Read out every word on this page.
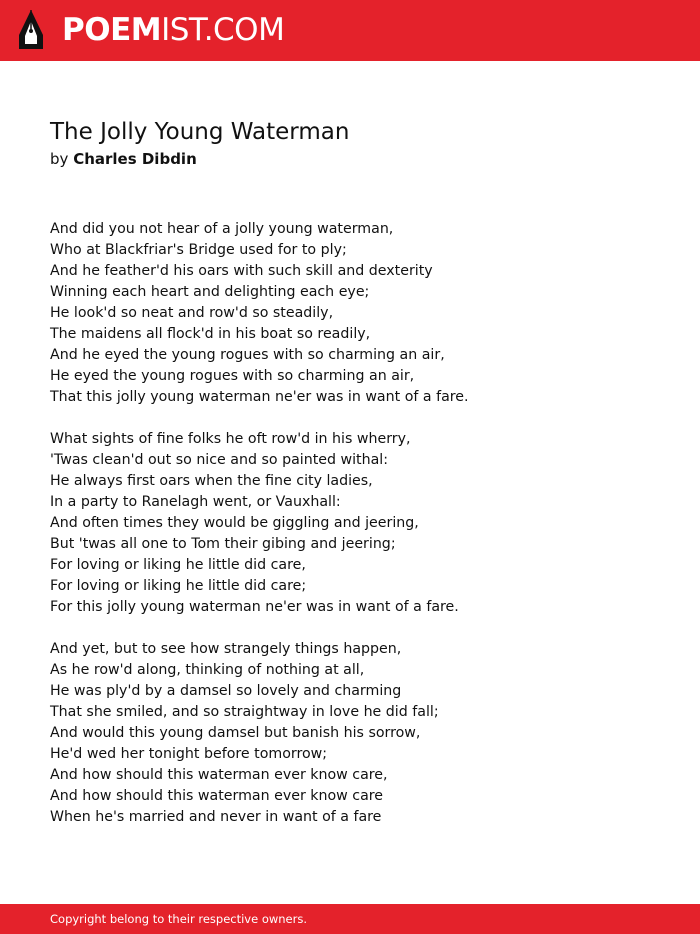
POEMIST.COM
The Jolly Young Waterman
by Charles Dibdin
And did you not hear of a jolly young waterman,
Who at Blackfriar's Bridge used for to ply;
And he feather'd his oars with such skill and dexterity
Winning each heart and delighting each eye;
He look'd so neat and row'd so steadily,
The maidens all flock'd in his boat so readily,
And he eyed the young rogues with so charming an air,
He eyed the young rogues with so charming an air,
That this jolly young waterman ne'er was in want of a fare.
What sights of fine folks he oft row'd in his wherry,
'Twas clean'd out so nice and so painted withal:
He always first oars when the fine city ladies,
In a party to Ranelagh went, or Vauxhall:
And often times they would be giggling and jeering,
But 'twas all one to Tom their gibing and jeering;
For loving or liking he little did care,
For loving or liking he little did care;
For this jolly young waterman ne'er was in want of a fare.
And yet, but to see how strangely things happen,
As he row'd along, thinking of nothing at all,
He was ply'd by a damsel so lovely and charming
That she smiled, and so straightway in love he did fall;
And would this young damsel but banish his sorrow,
He'd wed her tonight before tomorrow;
And how should this waterman ever know care,
And how should this waterman ever know care
When he's married and never in want of a fare
Copyright belong to their respective owners.
